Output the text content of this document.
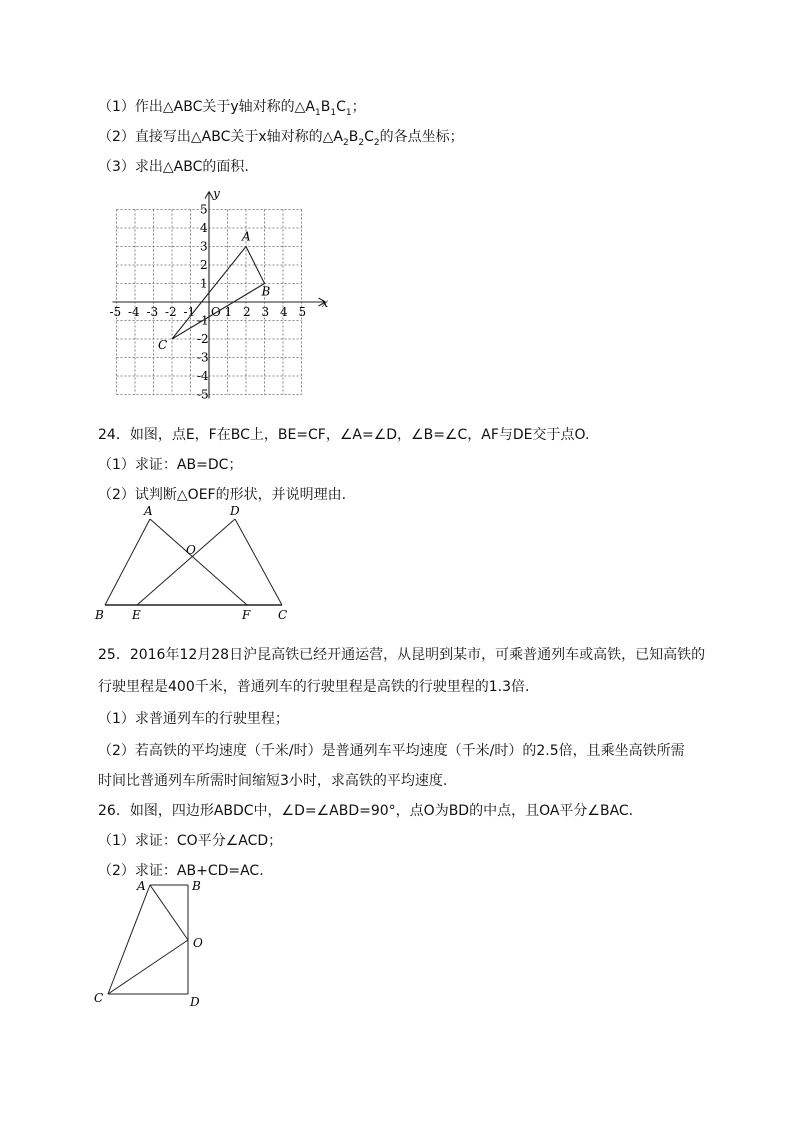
（1）作出△ABC关于y轴对称的$\triangle A_1B_1C_1$；
（2）直接写出△ABC关于x轴对称的$\triangle A_2B_2C_2$的各点坐标；
（3）求出△ABC的面积.
x
y
-5 -4 -3 -2 -1 O 1 2 3 4 5
5
4
3
2
1
-1
-2
-3
-4
-5
A
B
C
24．如图，点E，F在BC上，BE=CF，∠A=∠D，∠B=∠C，AF与DE交于点O.
（1）求证：AB=DC；
（2）试判断△OEF的形状，并说明理由.
A	D
O
B E	F C
25．2016年12月28日沪昆高铁已经开通运营，从昆明到某市，可乘普通列车或高铁，已知高铁的
行驶里程是400千米，普通列车的行驶里程是高铁的行驶里程的1.3倍.
（1）求普通列车的行驶里程；
（2）若高铁的平均速度（千米/时）是普通列车平均速度（千米/时）的2.5倍，且乘坐高铁所需
时间比普通列车所需时间缩短3小时，求高铁的平均速度.
26．如图，四边形ABDC中，∠D=∠ABD=90°，点O为BD的中点，且OA平分∠BAC.
（1）求证：CO平分∠ACD；
（2）求证：AB+CD=AC.
A	B
O
C	D
